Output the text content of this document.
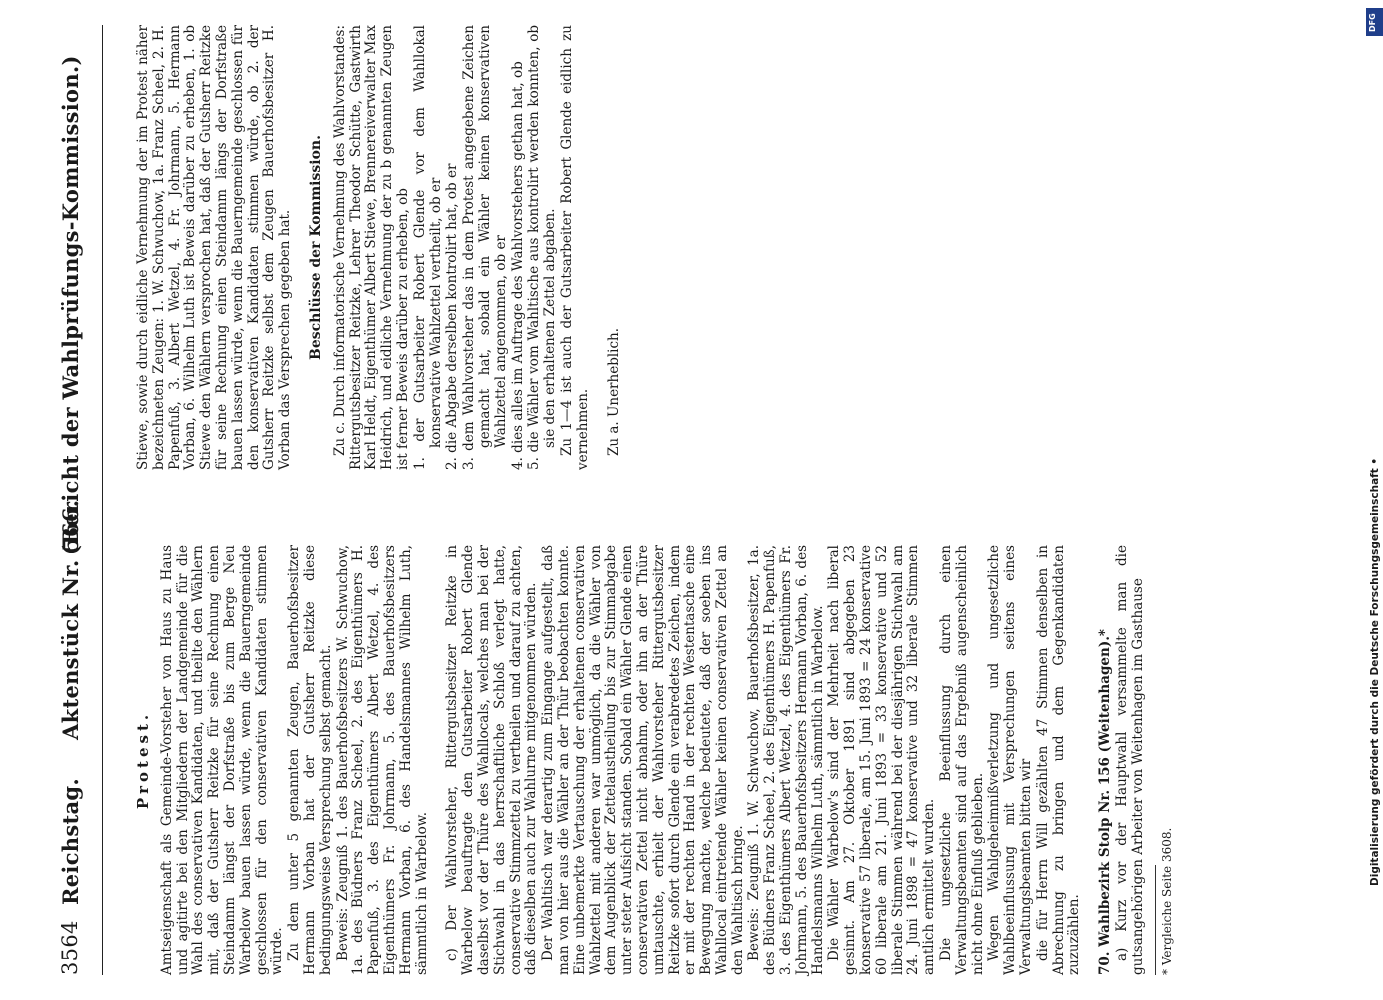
3564
Reichstag.
Aktenstück Nr. 566.
(Bericht der Wahlprüfungs-Kommission.)
Protest. Amtseigenschaft als Gemeinde-Vorsteher von Haus zu Haus und agitirte bei den Mitgliedern der Landgemeinde für die Wahl des conservativen Kandidaten, und theilte den Wählern mit, daß der Gutsherr Reitzke für seine Rechnung einen Steindamm längst der Dorfstraße bis zum Berge Neu Warbelow bauen lassen würde, wenn die Bauerngemeinde geschlossen für den conservativen Kandidaten stimmen würde. Zu dem unter 5 genannten Zeugen, Bauerhofsbesitzer Hermann Vorban hat der Gutsherr Reitzke diese bedingungsweise Versprechung selbst gemacht. Beweis: Zeugniß 1. des Bauerhofsbesitzers W. Schwuchow, 1a. des Büdners Franz Scheel, 2. des Eigenthümers H. Papenfuß, 3. des Eigenthümers Albert Wetzel, 4. des Eigenthümers Fr. Johrmann, 5. des Bauerhofsbesitzers Hermann Vorban, 6. des Handelsmannes Wilhelm Luth, sämmtlich in Warbelow. c) Der Wahlvorsteher, Rittergutsbesitzer Reitzke in Warbelow beauftragte den Gutsarbeiter Robert Glende daselbst vor der Thüre des Wahllocals, welches man bei der Stichwahl in das herrschaftliche Schloß verlegt hatte, conservative Stimmzettel zu vertheilen und darauf zu achten, daß dieselben auch zur Wahlurne mitgenommen würden. Der Wahltisch war derartig zum Eingange aufgestellt, daß man von hier aus die Wähler an der Thür beobachten konnte. Eine unbemerkte Vertauschung der erhaltenen conservativen Wahlzettel mit anderen war unmöglich, da die Wähler von dem Augenblick der Zettelaustheilung bis zur Stimmabgabe unter steter Aufsicht standen. Sobald ein Wähler Glende einen conservativen Zettel nicht abnahm, oder ihn an der Thüre umtauschte, erhielt der Wahlvorsteher Rittergutsbesitzer Reitzke sofort durch Glende ein verabredetes Zeichen, indem er mit der rechten Hand in der rechten Westentasche eine Bewegung machte, welche bedeutete, daß der soeben ins Wahllocal eintretende Wähler keinen conservativen Zettel an den Wahltisch bringe. Beweis: Zeugniß 1. W. Schwuchow, Bauerhofsbesitzer, 1a. des Büdners Franz Scheel, 2. des Eigenthümers H. Papenfuß, 3. des Eigenthümers Albert Wetzel, 4. des Eigenthümers Fr. Johrmann, 5. des Bauerhofsbesitzers Hermann Vorban, 6. des Handelsmanns Wilhelm Luth, sämmtlich in Warbelow. Die Wähler Warbelow's sind der Mehrheit nach liberal gesinnt. Am 27. Oktober 1891 sind abgegeben 23 konservative 57 liberale, am 15. Juni 1893 = 24 konservative 60 liberale am 21. Juni 1893 = 33 konservative und 52 liberale Stimmen während bei der diesjährigen Stichwahl am 24. Juni 1898 = 47 konservative und 32 liberale Stimmen amtlich ermittelt wurden. Die ungesetzliche Beeinflussung durch einen Verwaltungsbeamten sind auf das Ergebniß augenscheinlich nicht ohne Einfluß geblieben. Wegen Wahlgeheimnißverletzung und ungesetzliche Wahlbeeinflussung mit Versprechungen seitens eines Verwaltungsbeamten bitten wir die für Herrn Will gezählten 47 Stimmen denselben in Abrechnung zu bringen und dem Gegenkandidaten zuzuzählen. 70. Wahlbezirk Stolp Nr. 156 (Weitenhagen).* a) Kurz vor der Hauptwahl versammelte man die gutsangehörigen Arbeiter von Weitenhagen im Gasthause * Vergleiche Seite 3608.

Stiewe, sowie durch eidliche Vernehmung der im Protest näher bezeichneten Zeugen: 1. W. Schwuchow, 1a. Franz Scheel, 2. H. Papenfuß, 3. Albert Wetzel, 4. Fr. Johrmann, 5. Hermann Vorban, 6. Wilhelm Luth ist Beweis darüber zu erheben, 1. ob Stiewe den Wählern versprochen hat, daß der Gutsherr Reitzke für seine Rechnung einen Steindamm längs der Dorfstraße bauen lassen würde, wenn die Bauerngemeinde geschlossen für den konservativen Kandidaten stimmen würde, ob 2. der Gutsherr Reitzke selbst dem Zeugen Bauerhofsbesitzer H. Vorban das Versprechen gegeben hat. Beschlüsse der Kommission. Zu c. Durch informatorische Vernehmung des Wahlvorstandes: Rittergutsbesitzer Reitzke, Lehrer Theodor Schütte, Gastwirth Karl Heldt, Eigenthümer Albert Stiewe, Brennereiverwalter Max Heidrich, und eidliche Vernehmung der zu b genannten Zeugen ist ferner Beweis darüber zu erheben, ob 1. der Gutsarbeiter Robert Glende vor dem Wahllokal konservative Wahlzettel vertheilt, ob er 2. die Abgabe derselben kontrolirt hat, ob er 3. dem Wahlvorsteher das in dem Protest angegebene Zeichen gemacht hat, sobald ein Wähler keinen konservativen Wahlzettel angenommen, ob er 4. dies alles im Auftrage des Wahlvorstehers gethan hat, ob 5. die Wähler vom Wahltische aus kontrolirt werden konnten, ob sie den erhaltenen Zettel abgaben. Zu 1—4 ist auch der Gutsarbeiter Robert Glende eidlich zu vernehmen. Zu a. Unerheblich.

Digitalisierung gefördert durch die Deutsche Forschungsgemeinschaft •
DFG
